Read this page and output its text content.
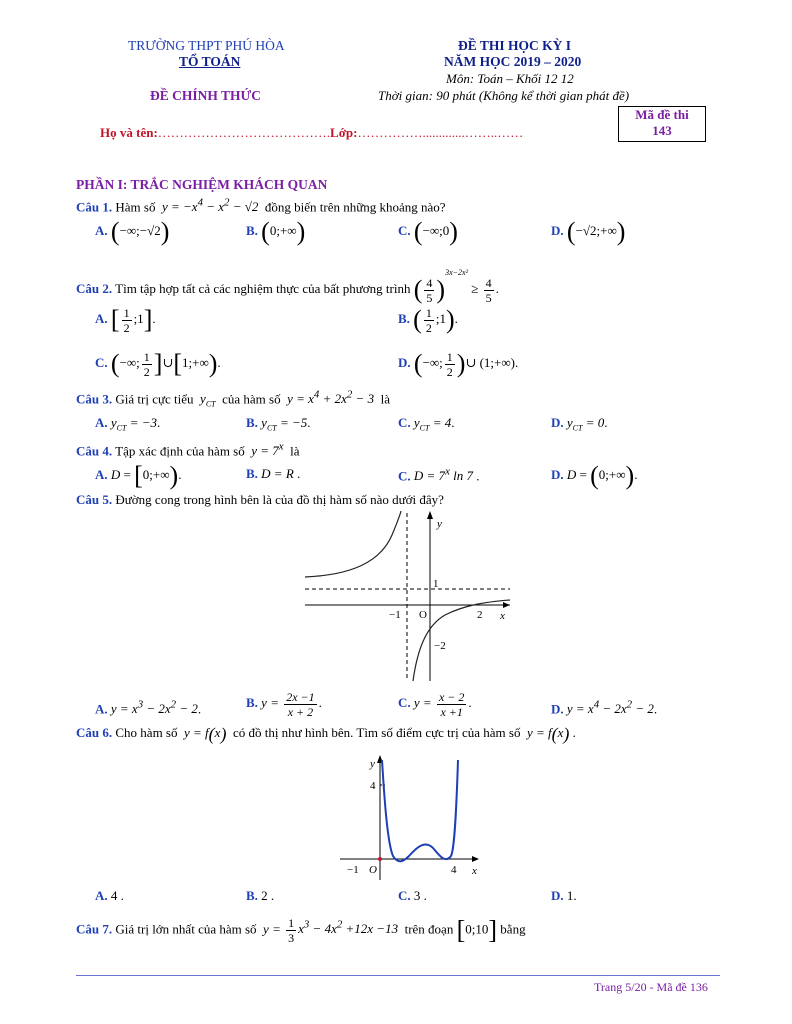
TRƯỜNG THPT PHÚ HÒA
TỔ TOÁN
ĐỀ CHÍNH THỨC
ĐỀ THI HỌC KỲ I
NĂM HỌC 2019 – 2020
Môn: Toán – Khối 12 12
Thời gian: 90 phút (Không kể thời gian phát đề)
Mã đề thi
143
Họ và tên:………………………………….Lớp:…………….............……..……
PHẦN I: TRẮC NGHIỆM KHÁCH QUAN
Câu 1. Hàm số  $y = -x^4 - x^2 - √2$  đồng biến trên những khoảng nào?
A. (−∞;−√2)	B. (0;+∞)	C. (−∞;0)	D. (−√2;+∞)
Câu 2. Tìm tập hợp tất cả các nghiệm thực của bất phương trình ( $\frac{4}{5} )^{3x-2x^2} \ge \frac{4}{5}$ .
A. [ $\frac{1}{2}$ ;1].	B. ( $\frac{1}{2}$ ;1).
C. (−∞; $\frac{1}{2}$ ]∪[1;+∞).	D. (−∞; $\frac{1}{2}$ )∪ (1;+∞).
Câu 3. Giá trị cực tiểu  $y_{CT}$ của hàm số  $y = x^4 + 2x^2 - 3$  là
A. $y_{CT} = -3$.	B. $y_{CT} = -5$.	C. $y_{CT} = 4$.	D. $y_{CT} = 0$.
Câu 4. Tập xác định của hàm số  $y = 7^x$ là
A. D = [0;+∞).	B. D = R .	C. $D = 7^x$ ln 7 .	D. D = (0;+∞).
Câu 5. Đường cong trong hình bên là của đồ thị hàm số nào dưới đây?
y
x
1
−1 O	2
−2
A. $y = x^3 - 2x^2 - 2$.	B. $y = \frac{2x -1}{x + 2}$ .	C. $y = \frac{x - 2}{x +1}$ .	D. $y = x^4 - 2x^2 - 2$.
Câu 6. Cho hàm số  y = f(x) có đồ thị như hình bên. Tìm số điểm cực trị của hàm số  y = f(x) .
y
x
4
−1 O	4
A. 4 .	B. 2 .	C. 3 .	D. 1.
Câu 7. Giá trị lớn nhất của hàm số  $y = \frac{1}{3} x^3 - 4x^2 +12x -13$  trên đoạn [0;10] bằng
Trang 5/20 - Mã đề 136
